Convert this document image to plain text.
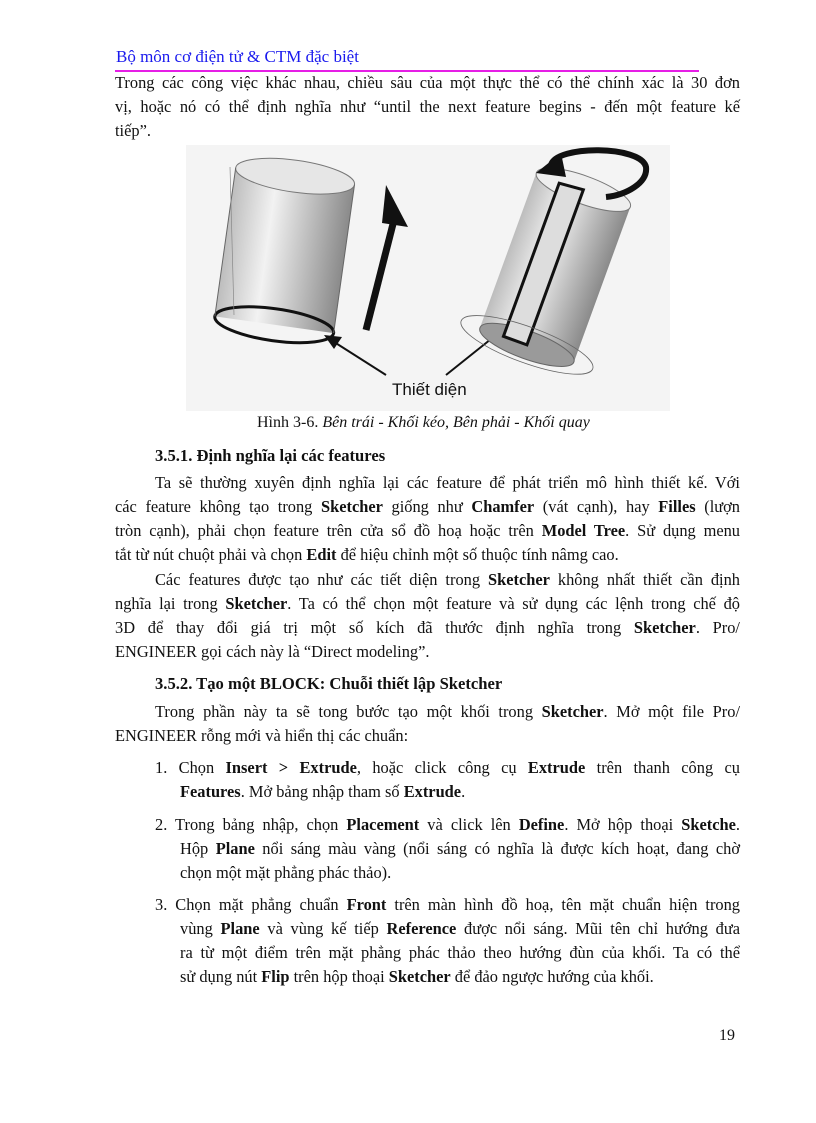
Bộ môn cơ điện tử & CTM đặc biệt
Trong các công việc khác nhau, chiều sâu của một thực thể có thể chính xác là 30 đơn
vị, hoặc nó có thể định nghĩa như “until the next feature begins - đến một feature kế
tiếp”.
3.5.1. Định nghĩa lại các features
Ta sẽ thường xuyên định nghĩa lại các feature để phát triển mô hình thiết kế. Với
các feature không tạo trong Sketcher giống như Chamfer (vát cạnh), hay Filles (lượn
tròn cạnh), phải chọn feature trên cửa sổ đồ hoạ hoặc trên Model Tree. Sử dụng menu
tắt từ nút chuột phải và chọn Edit để hiệu chỉnh một số thuộc tính nâmg cao.
Các features được tạo như các tiết diện trong Sketcher không nhất thiết cần định
nghĩa lại trong Sketcher. Ta có thể chọn một feature và sử dụng các lệnh trong chế độ
3D để thay đổi giá trị một số kích đã thước định nghĩa trong Sketcher. Pro/
ENGINEER gọi cách này là “Direct modeling”.
3.5.2. Tạo một BLOCK: Chuỗi thiết lập Sketcher
Trong phần này ta sẽ tong bước tạo một khối trong Sketcher. Mở một file Pro/
ENGINEER rỗng mới và hiển thị các chuẩn:
1. Chọn Insert > Extrude, hoặc click công cụ Extrude trên thanh công cụ
Features. Mở bảng nhập tham số Extrude.
2. Trong bảng nhập, chọn Placement và click lên Define. Mở hộp thoại Sketche.
Hộp Plane nổi sáng màu vàng (nổi sáng có nghĩa là được kích hoạt, đang chờ
chọn một mặt phẳng phác thảo).
3. Chọn mặt phẳng chuẩn Front trên màn hình đồ hoạ, tên mặt chuẩn hiện trong
vùng Plane và vùng kế tiếp Reference được nổi sáng. Mũi tên chỉ hướng đưa
ra từ một điểm trên mặt phẳng phác thảo theo hướng đùn của khối. Ta có thể
sử dụng nút Flip trên hộp thoại Sketcher để đảo ngược hướng của khối.
Thiết diện
Hình 3-6. Bên trái - Khối kéo, Bên phải - Khối quay
19
